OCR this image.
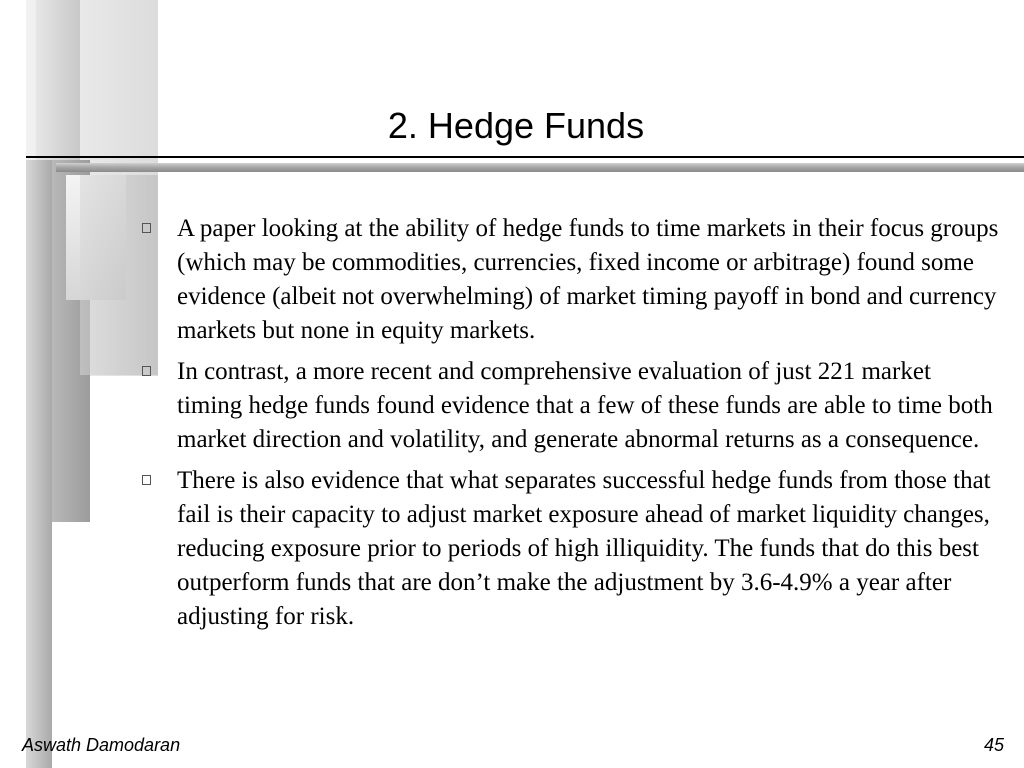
2. Hedge Funds
A paper looking at the ability of hedge funds to time markets in their focus groups (which may be commodities, currencies, fixed income or arbitrage) found some evidence (albeit not overwhelming) of market timing payoff in bond and currency markets but none in equity markets.
In contrast, a more recent and comprehensive evaluation of just 221 market timing hedge funds found evidence that a few of these funds are able to time both market direction and volatility, and generate abnormal returns as a consequence.
There is also evidence that what separates successful hedge funds from those that fail is their capacity to adjust market exposure ahead of market liquidity changes, reducing exposure prior to periods of high illiquidity. The funds that do this best outperform funds that are don’t make the adjustment by 3.6-4.9% a year after adjusting for risk.
Aswath Damodaran	45
